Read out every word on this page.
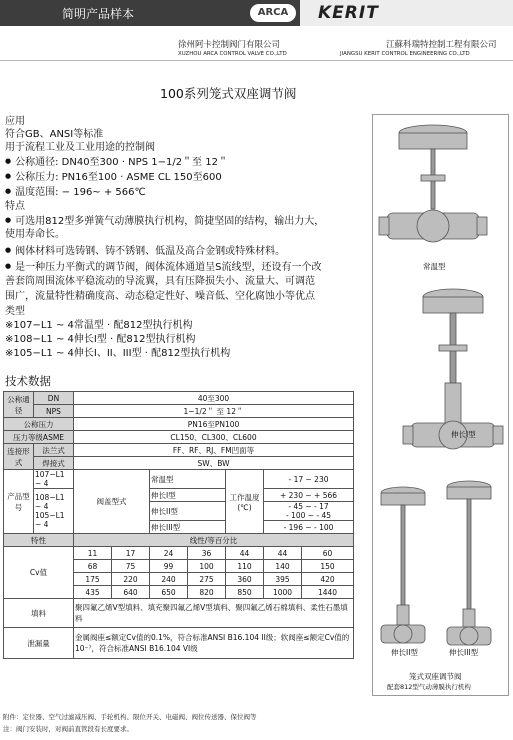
简明产品样本	ARCA	KERIT
徐州阿卡控制阀门有限公司
XUZHOU ARCA CONTROL VALVE CO.,LTD
江蘇科瑞特控制工程有限公司
JIANGSU KERIT CONTROL ENGINEERING CO.,LTD
100系列笼式双座调节阀
应用
符合GB、ANSI等标准
用于流程工业及工业用途的控制阀
● 公称通径: DN40至300 · NPS 1−1/2＂至 12＂
● 公称压力: PN16至100 · ASME CL 150至600
● 温度范围: − 196~ + 566℃
特点
● 可选用812型多弹簧气动薄膜执行机构，简捷坚固的结构，输出力大，
使用寿命长。
● 阀体材料可选铸钢、铸不锈钢、低温及高合金钢或特殊材料。
● 是一种压力平衡式的调节阀，阀体流体通道呈S流线型，还设有一个改
善套筒周围流体平稳流动的导流翼，具有压降损失小、流量大、可调范
围广，流量特性精确度高、动态稳定性好、噪音低、空化腐蚀小等优点
类型
※107−L1 ~ 4常温型 · 配812型执行机构
※108−L1 ~ 4伸长I型 · 配812型执行机构
※105−L1 ~ 4伸长I、II、III型 · 配812型执行机构
技术数据
公称通径	DN	40至300						
	NPS	1−1/2＂ 至 12＂						
公称压力		PN16至PN100						
压力等级ASME		CL150、CL300、CL600						
连接形式	法兰式	FF、RF、RJ、FM凹面等						
	焊接式	SW、BW						
产品型号	107−L1 ~ 4	阀盖型式		常温型		工作温度(℃)	- 17 ~ 230	
	108−L1 ~ 4
105−L1 ~ 4			伸长I型			+ 230 ~ + 566	
				伸长II型			- 45 ~ - 17
- 100 ~ - 45	
				伸长III型			- 196 ~ - 100	
特性		线性/等百分比						
Cv值		11	17	24	36	44	44	60
		68	75	99	100	110	140	150
		175	220	240	275	360	395	420
		435	640	650	820	850	1000	1440
填料		聚四氟乙烯V型填料、填充聚四氟乙烯V型填料、聚四氟乙烯石棉填料、柔性石墨填料						
泄漏量		金属阀座≤额定Cv值的0.1%，符合标准ANSI B16.104 II级；软阀座≤额定Cv值的10⁻⁷，符合标准ANSI B16.104 VI级						
附件：定位器、空气过滤减压阀、手轮机构、限位开关、电磁阀、阀位传送器、保位阀等
注：阀门安装时，对阀前直管段有长度要求。
常温型
伸长I型
伸长II型	伸长III型
笼式双座调节阀
配套812型气动薄膜执行机构
